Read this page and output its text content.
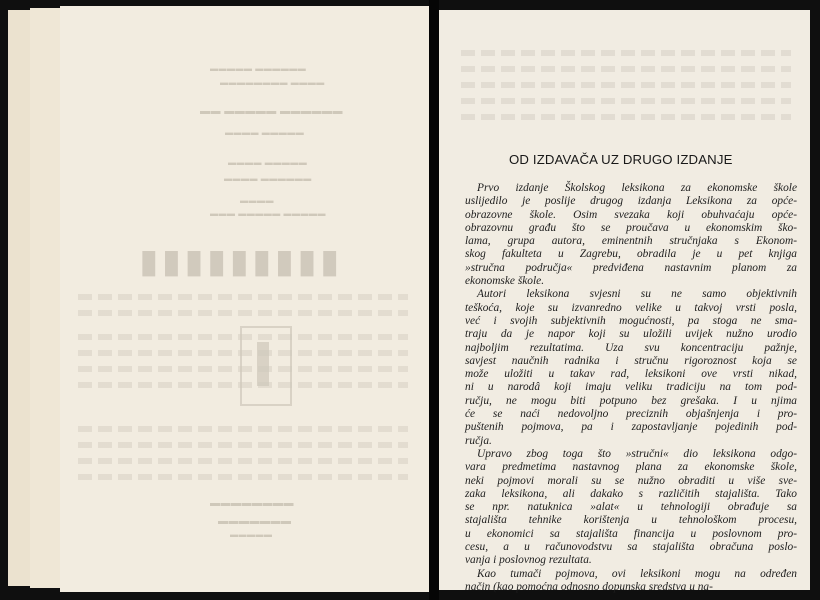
▬▬▬▬▬ ▬▬▬▬▬▬
▬▬▬▬▬▬▬▬ ▬▬▬▬
▬▬ ▬▬▬▬▬ ▬▬▬▬▬▬
▬▬▬▬ ▬▬▬▬▬
▬▬▬▬ ▬▬▬▬▬
▬▬▬▬ ▬▬▬▬▬▬
▬▬▬▬
▬▬▬ ▬▬▬▬▬ ▬▬▬▬▬
▮▮▮▮▮▮▮▮▮
▬▬▬▬▬▬▬▬
▬▬▬▬▬▬▬
▬▬▬▬▬
OD IZDAVAČA UZ DRUGO IZDANJE
Prvo izdanje Školskog leksikona za ekonomske škole
uslijedilo je poslije drugog izdanja Leksikona za opće-
obrazovne škole. Osim svezaka koji obuhvaćaju opće-
obrazovnu građu što se proučava u ekonomskim ško-
lama, grupa autora, eminentnih stručnjaka s Ekonom-
skog fakulteta u Zagrebu, obradila je u pet knjiga
»stručna područja« predviđena nastavnim planom za
ekonomske škole.
Autori leksikona svjesni su ne samo objektivnih
teškoća, koje su izvanredno velike u takvoj vrsti posla,
već i svojih subjektivnih mogućnosti, pa stoga ne sma-
traju da je napor koji su uložili uvijek nužno urodio
najboljim rezultatima. Uza svu koncentraciju pažnje,
savjest naučnih radnika i stručnu rigoroznost koja se
može uložiti u takav rad, leksikoni ove vrsti nikad,
ni u narodâ koji imaju veliku tradiciju na tom pod-
ručju, ne mogu biti potpuno bez grešaka. I u njima
će se naći nedovoljno preciznih objašnjenja i pro-
puštenih pojmova, pa i zapostavljanje pojedinih pod-
ručja.
Upravo zbog toga što »stručni« dio leksikona odgo-
vara predmetima nastavnog plana za ekonomske škole,
neki pojmovi morali su se nužno obraditi u više sve-
zaka leksikona, ali dakako s različitih stajališta. Tako
se npr. natuknica »alat« u tehnologiji obrađuje sa
stajališta tehnike korištenja u tehnološkom procesu,
u ekonomici sa stajališta financija u poslovnom pro-
cesu, a u računovodstvu sa stajališta obračuna poslo-
vanja i poslovnog rezultata.
Kao tumači pojmova, ovi leksikoni mogu na određen
način (kao pomoćna odnosno dopunska sredstva u na-
